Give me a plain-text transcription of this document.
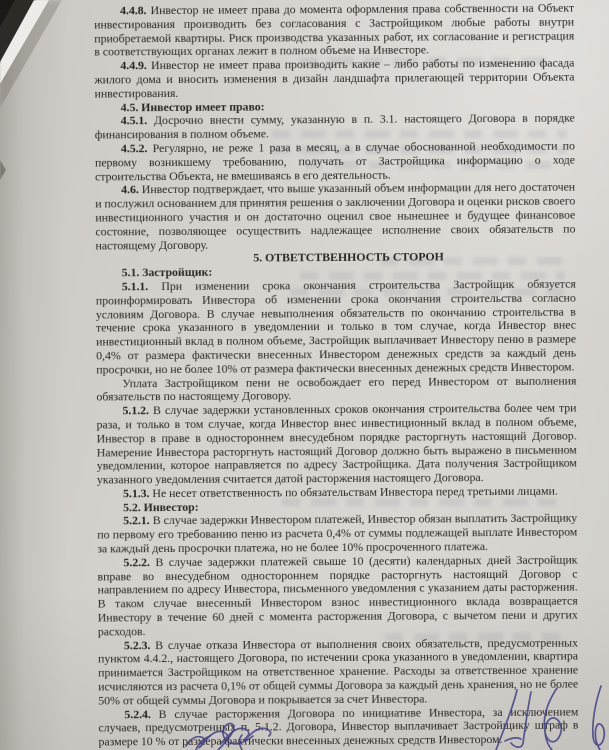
4.4.8. Инвестор не имеет права до момента оформления права собственности на Объект инвестирования производить без согласования с Застройщиком любые работы внутри приобретаемой квартиры. Риск производства указанных работ, их согласование и регистрация в соответствующих органах лежит в полном объеме на Инвесторе.

4.4.9. Инвестор не имеет права производить какие – либо работы по изменению фасада жилого дома и вносить изменения в дизайн ландшафта прилегающей территории Объекта инвестирования.

4.5. Инвестор имеет право:

4.5.1. Досрочно внести сумму, указанную в п. 3.1. настоящего Договора в порядке финансирования в полном объеме.

4.5.2. Регулярно, не реже 1 раза в месяц, а в случае обоснованной необходимости по первому возникшему требованию, получать от Застройщика информацию о ходе строительства Объекта, не вмешиваясь в его деятельность.

4.6. Инвестор подтверждает, что выше указанный объем информации для него достаточен и послужил основанием для принятия решения о заключении Договора и оценки рисков своего инвестиционного участия и он достаточно оценил свое нынешнее и будущее финансовое состояние, позволяющее осуществить надлежащее исполнение своих обязательств по настоящему Договору.

5. ОТВЕТСТВЕННОСТЬ СТОРОН

5.1. Застройщик:

5.1.1. При изменении срока окончания строительства Застройщик обязуется проинформировать Инвестора об изменении срока окончания строительства согласно условиям Договора. В случае невыполнения обязательств по окончанию строительства в течение срока указанного в уведомлении и только в том случае, когда Инвестор внес инвестиционный вклад в полном объеме, Застройщик выплачивает Инвестору пеню в размере 0,4% от размера фактически внесенных Инвестором денежных средств за каждый день просрочки, но не более 10% от размера фактически внесенных денежных средств Инвестором.

Уплата Застройщиком пени не освобождает его перед Инвестором от выполнения обязательств по настоящему Договору.

5.1.2. В случае задержки установленных сроков окончания строительства более чем три раза, и только в том случае, когда Инвестор внес инвестиционный вклад в полном объеме, Инвестор в праве в одностороннем внесудебном порядке расторгнуть настоящий Договор. Намерение Инвестора расторгнуть настоящий Договор должно быть выражено в письменном уведомлении, которое направляется по адресу Застройщика. Дата получения Застройщиком указанного уведомления считается датой расторжения настоящего Договора.

5.1.3. Не несет ответственность по обязательствам Инвестора перед третьими лицами.

5.2. Инвестор:

5.2.1. В случае задержки Инвестором платежей, Инвестор обязан выплатить Застройщику по первому его требованию пеню из расчета 0,4% от суммы подлежащей выплате Инвестором за каждый день просрочки платежа, но не более 10% просроченного платежа.

5.2.2. В случае задержки платежей свыше 10 (десяти) календарных дней Застройщик вправе во внесудебном одностороннем порядке расторгнуть настоящий Договор с направлением по адресу Инвестора, письменного уведомления с указанием даты расторжения. В таком случае внесенный Инвестором взнос инвестиционного вклада возвращается Инвестору в течение 60 дней с момента расторжения Договора, с вычетом пени и других расходов.

5.2.3. В случае отказа Инвестора от выполнения своих обязательств, предусмотренных пунктом 4.4.2., настоящего Договора, по истечении срока указанного в уведомлении, квартира принимается Застройщиком на ответственное хранение. Расходы за ответственное хранение исчисляются из расчета 0,1% от общей суммы Договора за каждый день хранения, но не более 50% от общей суммы Договора и покрывается за счет Инвестора.

5.2.4. В случае расторжения Договора по инициативе Инвестора, за исключением случаев, предусмотренных п. 5.1.2. Договора, Инвестор выплачивает Застройщику штраф в размере 10 % от размера фактически внесенных денежных средств Инвестором.
